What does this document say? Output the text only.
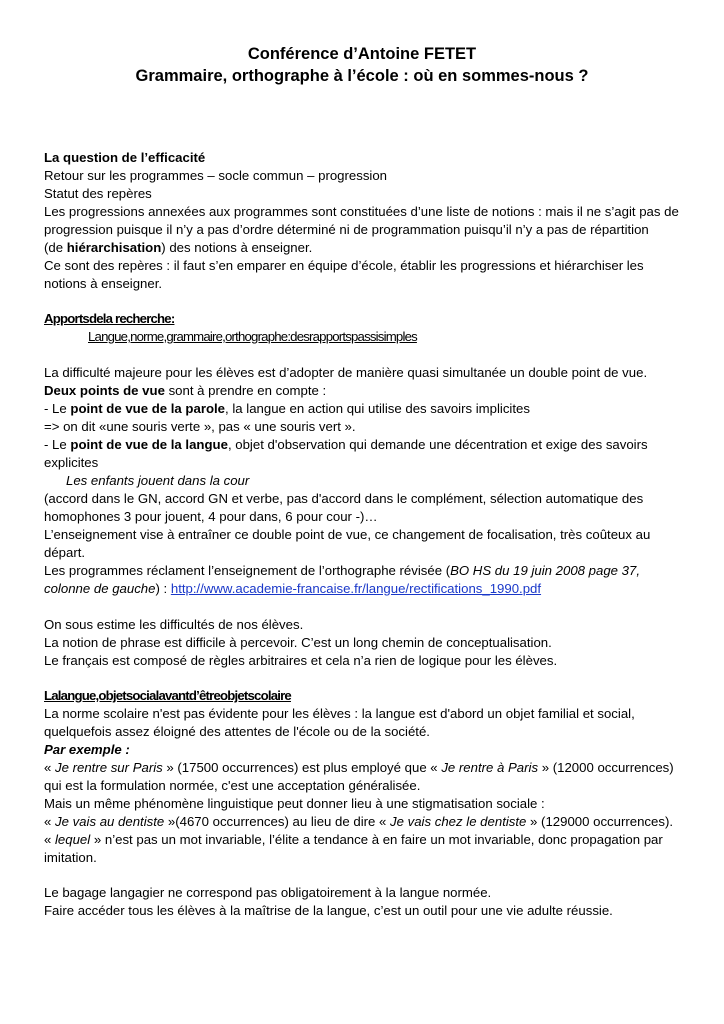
Conférence d’Antoine FETET
Grammaire, orthographe à l’école : où en sommes-nous ?
La question de l’efficacité
Retour sur les programmes – socle commun – progression
Statut des repères
Les progressions annexées aux programmes sont constituées d’une liste de notions : mais il ne s’agit pas de
progression puisque il n’y a pas d’ordre déterminé ni de programmation puisqu’il n’y a pas de répartition
(de hiérarchisation) des notions à enseigner.
Ce sont des repères : il faut s’en emparer en équipe d’école, établir les progressions et hiérarchiser les
notions à enseigner.
Apportsdela recherche:
Langue,norme,grammaire,orthographe:desrapportspassisimples
La difficulté majeure pour les élèves est d’adopter de manière quasi simultanée un double point de vue.
Deux points de vue sont à prendre en compte :
- Le point de vue de la parole, la langue en action qui utilise des savoirs implicites
=> on dit «une souris verte », pas « une souris vert ».
- Le point de vue de la langue, objet d'observation qui demande une décentration et exige des savoirs
explicites
Les enfants jouent dans la cour
(accord dans le GN, accord GN et verbe, pas d'accord dans le complément, sélection automatique des
homophones 3 pour jouent, 4 pour dans, 6 pour cour -)…
L’enseignement vise à entraîner ce double point de vue, ce changement de focalisation, très coûteux au
départ.
Les programmes réclament l’enseignement de l’orthographe révisée (BO HS du 19 juin 2008 page 37,
colonne de gauche) : http://www.academie-francaise.fr/langue/rectifications_1990.pdf
On sous estime les difficultés de nos élèves.
La notion de phrase est difficile à percevoir. C’est un long chemin de conceptualisation.
Le français est composé de règles arbitraires et cela n’a rien de logique pour les élèves.
Lalangue,objetsocialavantd’êtreobjetscolaire
La norme scolaire n'est pas évidente pour les élèves : la langue est d'abord un objet familial et social,
quelquefois assez éloigné des attentes de l'école ou de la société.
Par exemple :
« Je rentre sur Paris » (17500 occurrences) est plus employé que « Je rentre à Paris » (12000 occurrences)
qui est la formulation normée, c'est une acceptation généralisée.
Mais un même phénomène linguistique peut donner lieu à une stigmatisation sociale :
« Je vais au dentiste »(4670 occurrences) au lieu de dire « Je vais chez le dentiste » (129000 occurrences).
« lequel » n’est pas un mot invariable, l’élite a tendance à en faire un mot invariable, donc propagation par
imitation.
Le bagage langagier ne correspond pas obligatoirement à la langue normée.
Faire accéder tous les élèves à la maîtrise de la langue, c’est un outil pour une vie adulte réussie.
